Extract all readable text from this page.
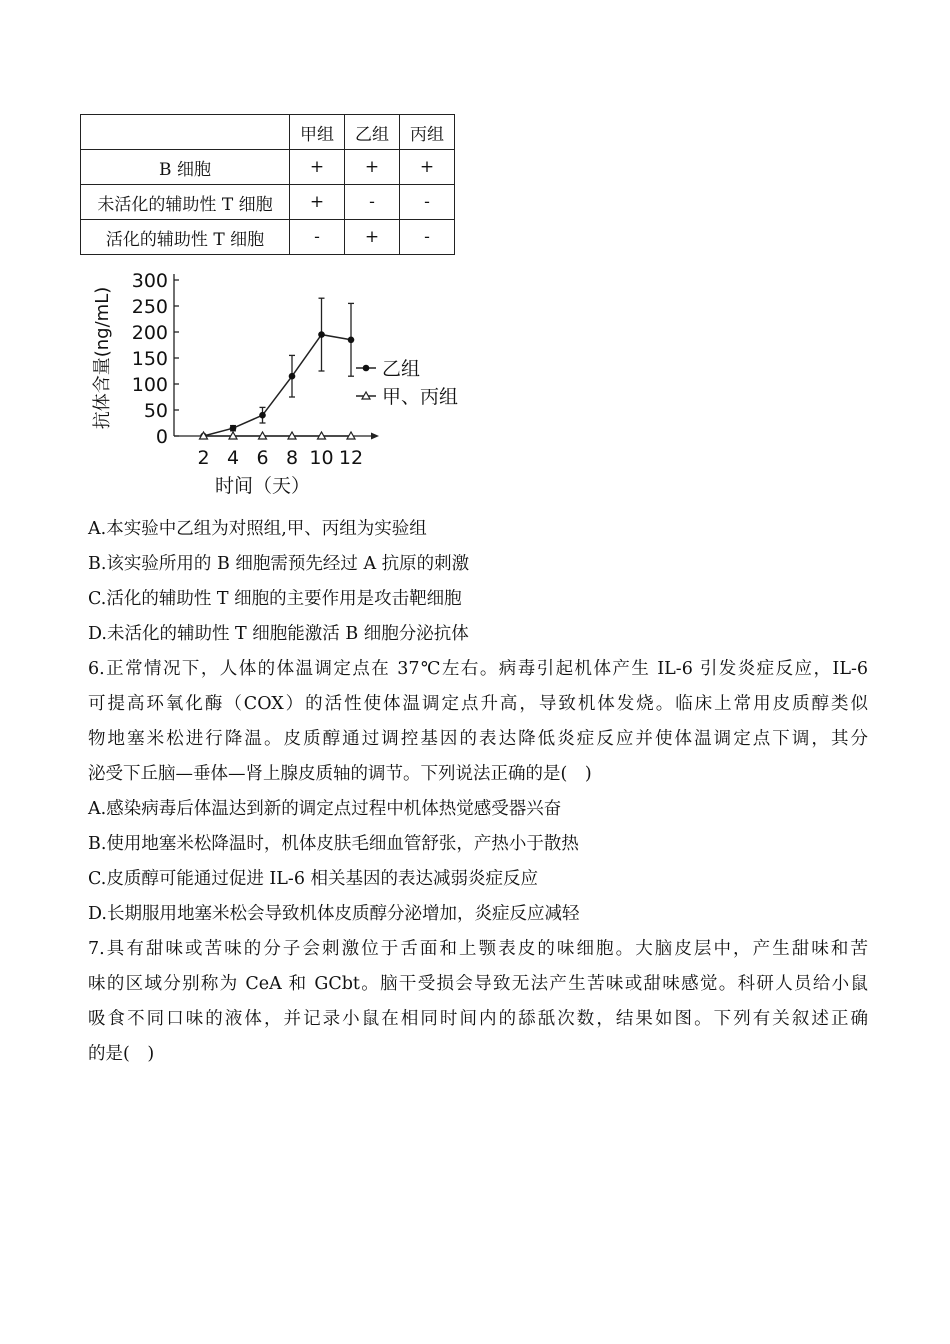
	甲组	乙组	丙组
B 细胞	+	+	+
未活化的辅助性 T 细胞	+	-	-
活化的辅助性 T 细胞	-	+	-
0
50
100
150
200
250
300
2 4 6 8 10 12
时间（天）
抗体含量(ng/mL)	乙组
甲、丙组

A.本实验中乙组为对照组,甲、丙组为实验组

B.该实验所用的 B 细胞需预先经过 A 抗原的刺激

C.活化的辅助性 T 细胞的主要作用是攻击靶细胞

D.未活化的辅助性 T 细胞能激活 B 细胞分泌抗体

6.正常情况下，人体的体温调定点在 37℃左右。病毒引起机体产生 IL-6 引发炎症反应，IL-6

可提高环氧化酶（COX）的活性使体温调定点升高，导致机体发烧。临床上常用皮质醇类似

物地塞米松进行降温。皮质醇通过调控基因的表达降低炎症反应并使体温调定点下调，其分

泌受下丘脑—垂体—肾上腺皮质轴的调节。下列说法正确的是(　)

A.感染病毒后体温达到新的调定点过程中机体热觉感受器兴奋

B.使用地塞米松降温时，机体皮肤毛细血管舒张，产热小于散热

C.皮质醇可能通过促进 IL-6 相关基因的表达减弱炎症反应

D.长期服用地塞米松会导致机体皮质醇分泌增加，炎症反应减轻

7.具有甜味或苦味的分子会刺激位于舌面和上颚表皮的味细胞。大脑皮层中，产生甜味和苦

味的区域分别称为 CeA 和 GCbt。脑干受损会导致无法产生苦味或甜味感觉。科研人员给小鼠

吸食不同口味的液体，并记录小鼠在相同时间内的舔舐次数，结果如图。下列有关叙述正确

的是(　)
